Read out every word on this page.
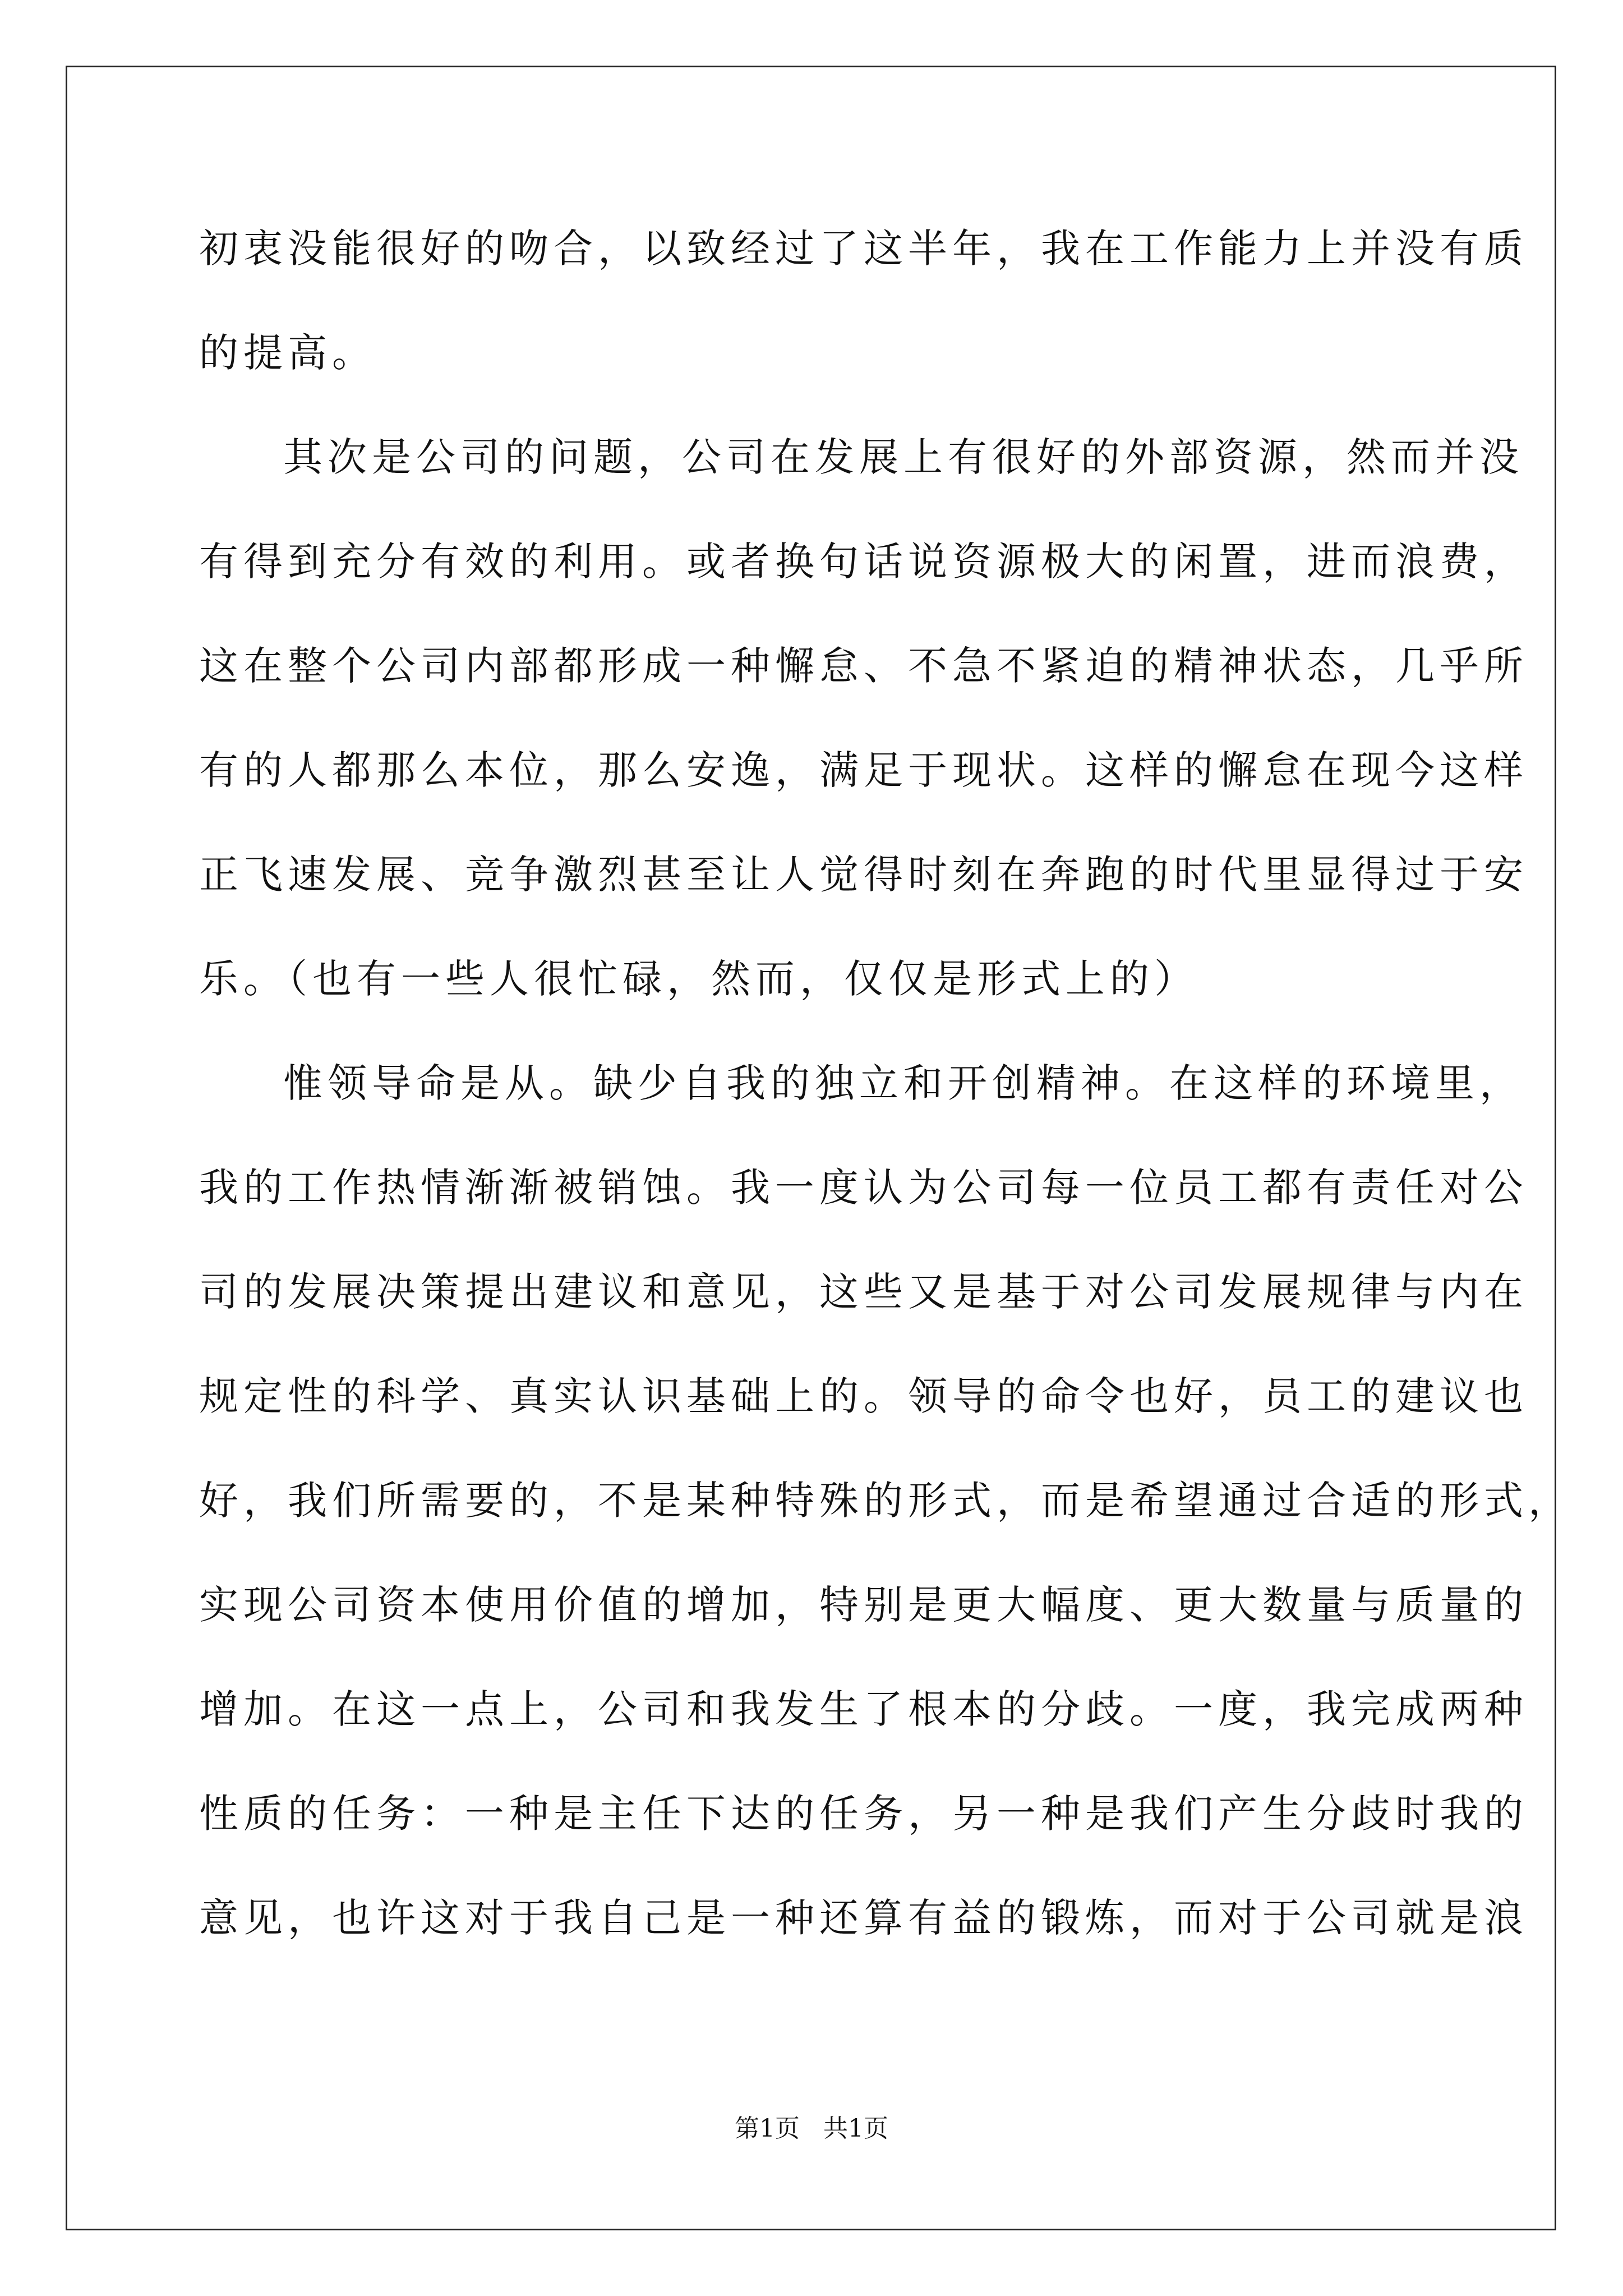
初衷没能很好的吻合，以致经过了这半年，我在工作能力上并没有质
的提高。
其次是公司的问题，公司在发展上有很好的外部资源，然而并没
有得到充分有效的利用。或者换句话说资源极大的闲置，进而浪费，
这在整个公司内部都形成一种懈怠、不急不紧迫的精神状态，几乎所
有的人都那么本位，那么安逸，满足于现状。这样的懈怠在现今这样
正飞速发展、竞争激烈甚至让人觉得时刻在奔跑的时代里显得过于安
乐。（也有一些人很忙碌，然而，仅仅是形式上的）
惟领导命是从。缺少自我的独立和开创精神。在这样的环境里，
我的工作热情渐渐被销蚀。我一度认为公司每一位员工都有责任对公
司的发展决策提出建议和意见，这些又是基于对公司发展规律与内在
规定性的科学、真实认识基础上的。领导的命令也好，员工的建议也
好，我们所需要的，不是某种特殊的形式，而是希望通过合适的形式，
实现公司资本使用价值的增加，特别是更大幅度、更大数量与质量的
增加。在这一点上，公司和我发生了根本的分歧。一度，我完成两种
性质的任务：一种是主任下达的任务，另一种是我们产生分歧时我的
意见，也许这对于我自己是一种还算有益的锻炼，而对于公司就是浪
第1页 共1页
